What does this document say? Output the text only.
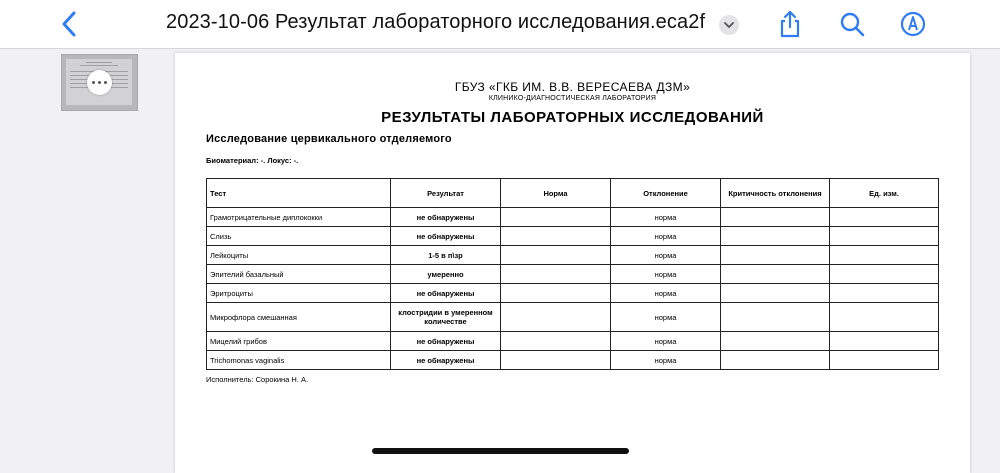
2023-10-06 Результат лабораторного исследования.eca2f
ГБУЗ «ГКБ ИМ. В.В. ВЕРЕСАЕВА ДЗМ»
КЛИНИКО-ДИАГНОСТИЧЕСКАЯ ЛАБОРАТОРИЯ
РЕЗУЛЬТАТЫ ЛАБОРАТОРНЫХ ИССЛЕДОВАНИЙ
Исследование цервикального отделяемого
Биоматериал: -. Локус: -.
Тест	Результат	Норма	Отклонение	Критичность отклонения	Ед. изм.
Грамотрицательные диплококки	не обнаружены		норма		
Слизь	не обнаружены		норма		
Лейкоциты	1-5 в п\зр		норма		
Эпителий базальный	умеренно		норма		
Эритроциты	не обнаружены		норма		
Микрофлора смешанная	клостридии в умеренном количестве		норма		
Мицелий грибов	не обнаружены		норма		
Trichomonas vaginalis	не обнаружены		норма		
Исполнитель: Сорокина Н. А.
